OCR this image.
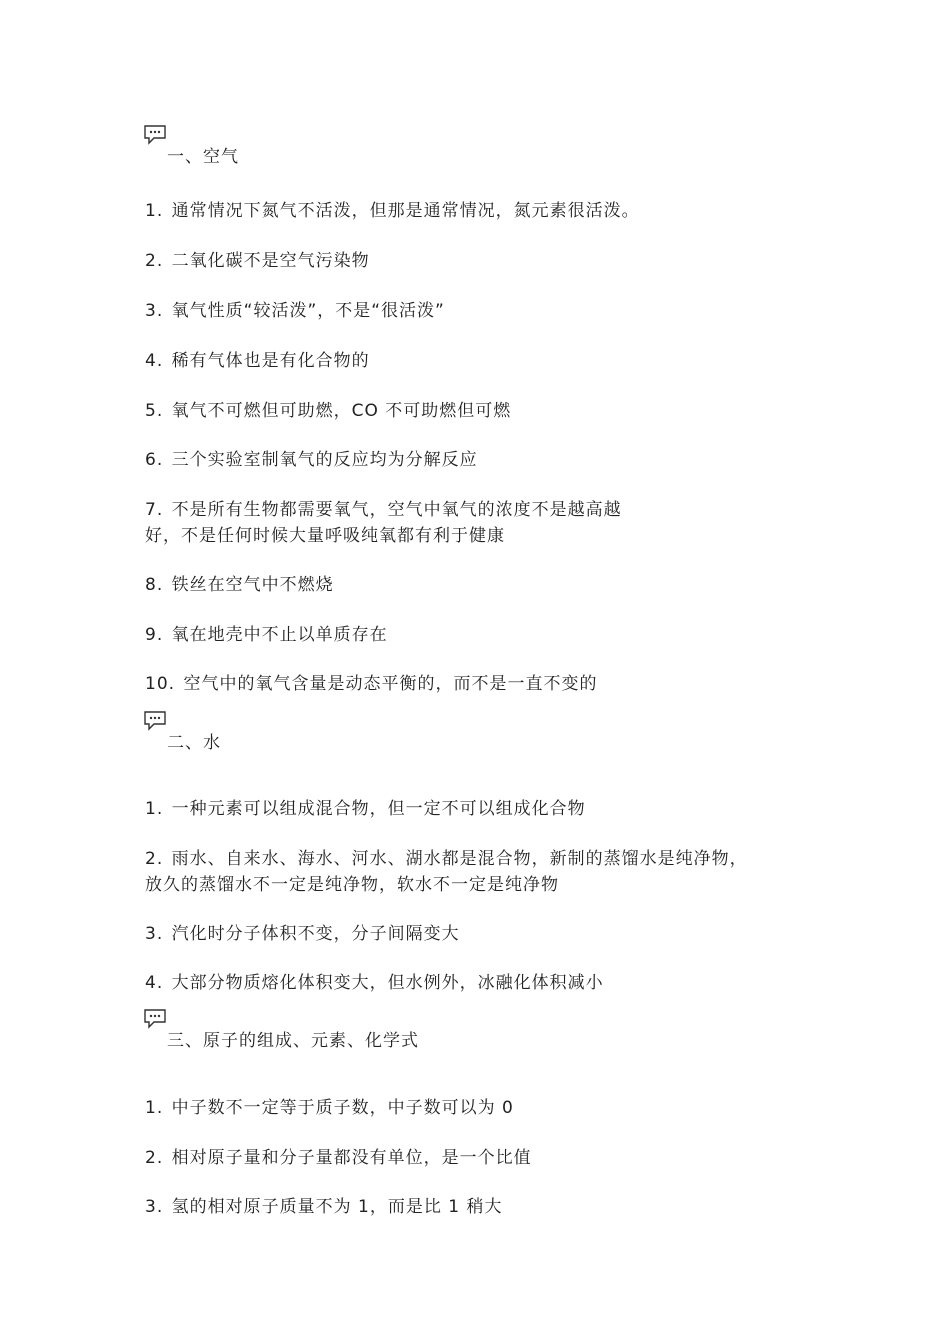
一、空气
1. 通常情况下氮气不活泼，但那是通常情况，氮元素很活泼。
2. 二氧化碳不是空气污染物
3. 氧气性质“较活泼”，不是“很活泼”
4. 稀有气体也是有化合物的
5. 氧气不可燃但可助燃，CO 不可助燃但可燃
6. 三个实验室制氧气的反应均为分解反应
7. 不是所有生物都需要氧气，空气中氧气的浓度不是越高越
好，不是任何时候大量呼吸纯氧都有利于健康
8. 铁丝在空气中不燃烧
9. 氧在地壳中不止以单质存在
10. 空气中的氧气含量是动态平衡的，而不是一直不变的
二、水
1. 一种元素可以组成混合物，但一定不可以组成化合物
2. 雨水、自来水、海水、河水、湖水都是混合物，新制的蒸馏水是纯净物，
放久的蒸馏水不一定是纯净物，软水不一定是纯净物
3. 汽化时分子体积不变，分子间隔变大
4. 大部分物质熔化体积变大，但水例外，冰融化体积减小
三、原子的组成、元素、化学式
1. 中子数不一定等于质子数，中子数可以为 0
2. 相对原子量和分子量都没有单位，是一个比值
3. 氢的相对原子质量不为 1，而是比 1 稍大
